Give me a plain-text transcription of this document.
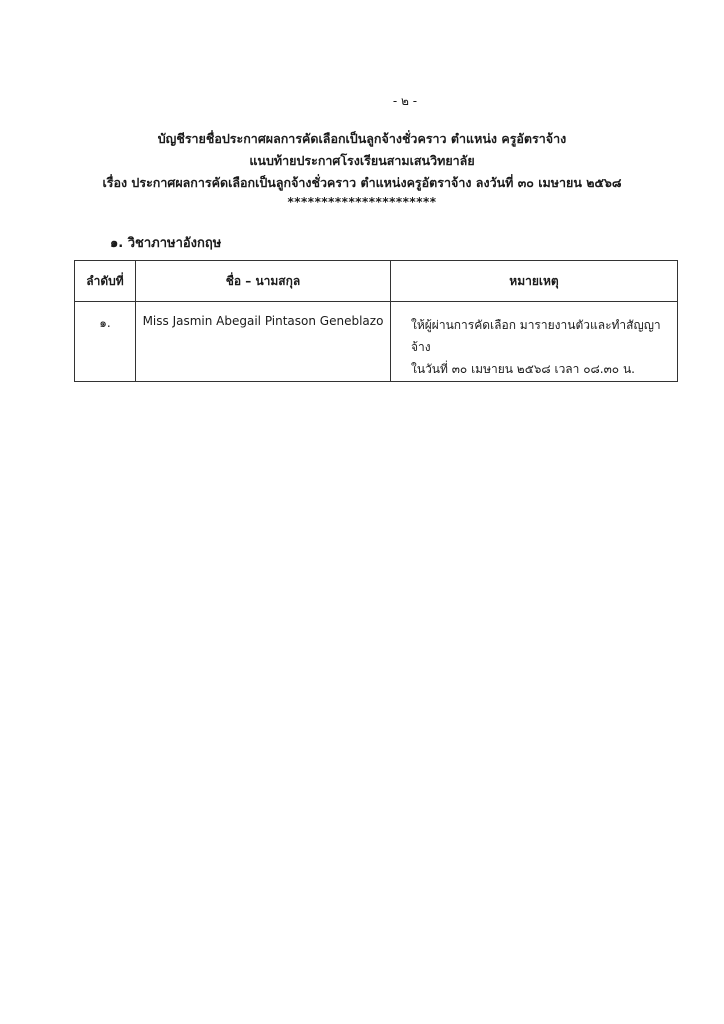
- ๒ -
บัญชีรายชื่อประกาศผลการคัดเลือกเป็นลูกจ้างชั่วคราว ตำแหน่ง ครูอัตราจ้าง
แนบท้ายประกาศโรงเรียนสามเสนวิทยาลัย
เรื่อง ประกาศผลการคัดเลือกเป็นลูกจ้างชั่วคราว ตำแหน่งครูอัตราจ้าง ลงวันที่ ๓๐ เมษายน ๒๕๖๘
**********************
๑. วิชาภาษาอังกฤษ
ลำดับที่	ชื่อ – นามสกุล	หมายเหตุ
๑.	Miss Jasmin Abegail Pintason Geneblazo	ให้ผู้ผ่านการคัดเลือก มารายงานตัวและทำสัญญาจ้าง

ในวันที่ ๓๐ เมษายน ๒๕๖๘ เวลา ๐๘.๓๐ น.
